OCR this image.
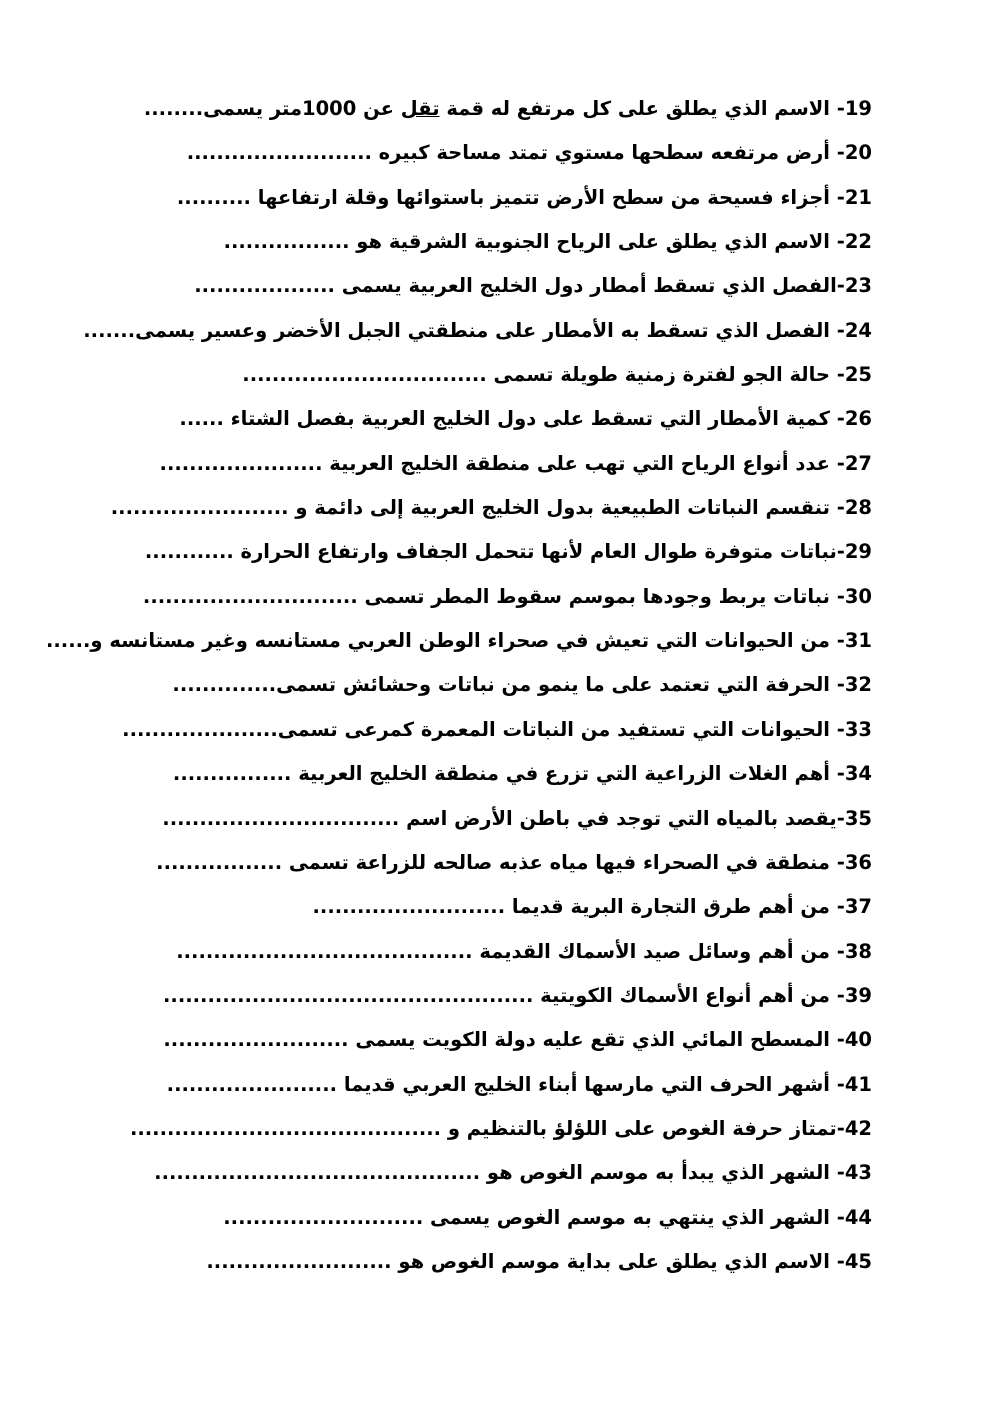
19- الاسم الذي يطلق على كل مرتفع له قمة تقل عن 1000متر يسمى........
20- أرض مرتفعه سطحها مستوي تمتد مساحة كبيره .........................
21- أجزاء فسيحة من سطح الأرض تتميز باستوائها وقلة ارتفاعها ..........
22- الاسم الذي يطلق على الرياح الجنوبية الشرقية هو .................
23-الفصل الذي تسقط أمطار دول الخليج العربية يسمى ...................
24- الفصل الذي تسقط به الأمطار على منطقتي الجبل الأخضر وعسير يسمى.......
25- حالة الجو لفترة زمنية طويلة تسمى .................................
26- كمية الأمطار التي تسقط على دول الخليج العربية بفصل الشتاء ......
27- عدد أنواع الرياح التي تهب على منطقة الخليج العربية ......................
28- تنقسم النباتات الطبيعية بدول الخليج العربية إلى دائمة و ........................
29-نباتات متوفرة طوال العام لأنها تتحمل الجفاف وارتفاع الحرارة ............
30- نباتات يربط وجودها بموسم سقوط المطر تسمى .............................
31- من الحيوانات التي تعيش في صحراء الوطن العربي مستانسه وغير مستانسه و......
32- الحرفة التي تعتمد على ما ينمو من نباتات وحشائش تسمى..............
33- الحيوانات التي تستفيد من النباتات المعمرة كمرعى تسمى.....................
34- أهم الغلات الزراعية التي تزرع في منطقة الخليج العربية ................
35-يقصد بالمياه التي توجد في باطن الأرض اسم ................................
36- منطقة في الصحراء فيها مياه عذبه صالحه للزراعة تسمى .................
37- من أهم طرق التجارة البرية قديما ..........................
38- من أهم وسائل صيد الأسماك القديمة ........................................
39- من أهم أنواع الأسماك الكويتية ..................................................
40- المسطح المائي الذي تقع عليه دولة الكويت يسمى .........................
41- أشهر الحرف التي مارسها أبناء الخليج العربي قديما .......................
42-تمتاز حرفة الغوص على اللؤلؤ بالتنظيم و ..........................................
43- الشهر الذي يبدأ به موسم الغوص هو ............................................
44- الشهر الذي ينتهي به موسم الغوص يسمى ...........................
45- الاسم الذي يطلق على بداية موسم الغوص هو .........................
